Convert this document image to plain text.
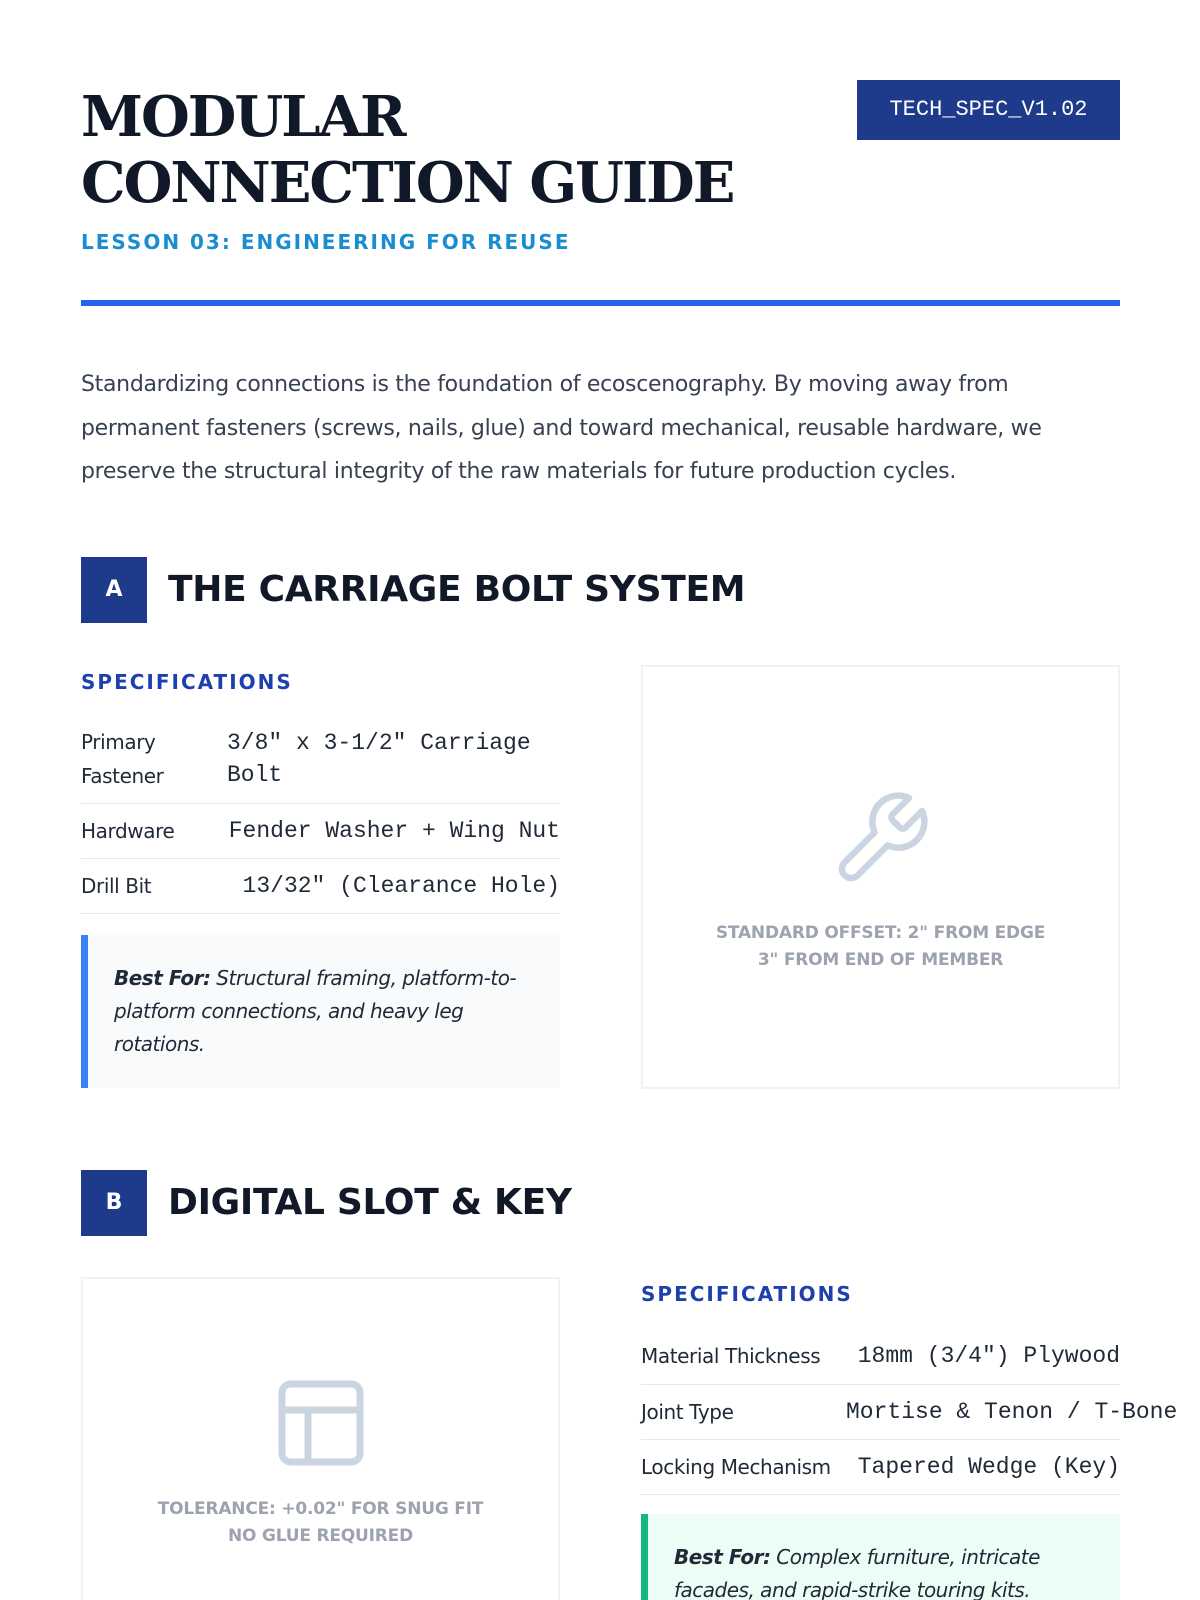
MODULAR CONNECTION GUIDE
TECH_SPEC_V1.02
LESSON 03: ENGINEERING FOR REUSE

Standardizing connections is the foundation of ecoscenography. By moving away from permanent fasteners (screws, nails, glue) and toward mechanical, reusable hardware, we preserve the structural integrity of the raw materials for future production cycles.

A	THE CARRIAGE BOLT SYSTEM
SPECIFICATIONS
Primary Fastener	3/8" x 3-1/2" Carriage Bolt
Hardware	Fender Washer + Wing Nut
Drill Bit	13/32" (Clearance Hole)
Best For: Structural framing, platform-to-platform connections, and heavy leg rotations.
STANDARD OFFSET: 2" FROM EDGE
3" FROM END OF MEMBER
B	DIGITAL SLOT & KEY
TOLERANCE: +0.02" FOR SNUG FIT
NO GLUE REQUIRED
SPECIFICATIONS
Material Thickness	18mm (3/4") Plywood
Joint Type	Mortise & Tenon / T-Bone
Locking Mechanism	Tapered Wedge (Key)
Best For: Complex furniture, intricate facades, and rapid-strike touring kits.
